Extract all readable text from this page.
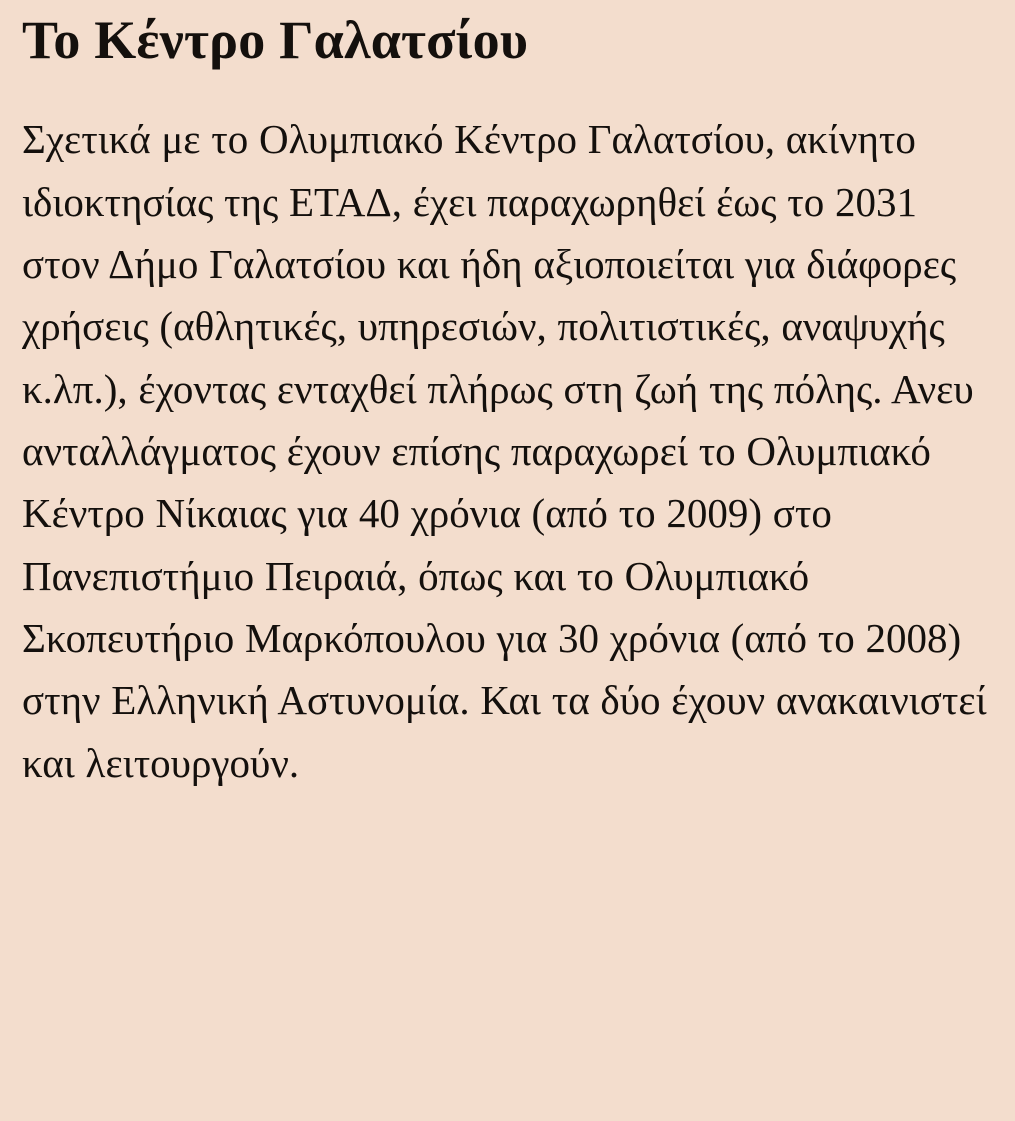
Το Κέντρο Γαλατσίου

Σχετικά με το Ολυμπιακό Κέντρο Γαλατσίου, ακίνητο ιδιοκτησίας της ΕΤΑΔ, έχει παραχωρηθεί έως το 2031 στον Δήμο Γαλατσίου και ήδη αξιοποιείται για διάφορες χρήσεις (αθλητικές, υπηρεσιών, πολιτιστικές, αναψυχής κ.λπ.), έχοντας ενταχθεί πλήρως στη ζωή της πόλης. Ανευ ανταλλάγματος έχουν επίσης παραχωρεί το Ολυμπιακό Κέντρο Νίκαιας για 40 χρόνια (από το 2009) στο Πανεπιστήμιο Πειραιά, όπως και το Ολυμπιακό Σκοπευτήριο Μαρκόπουλου για 30 χρόνια (από το 2008) στην Ελληνική Αστυνομία. Και τα δύο έχουν ανακαινιστεί και λειτουργούν.
